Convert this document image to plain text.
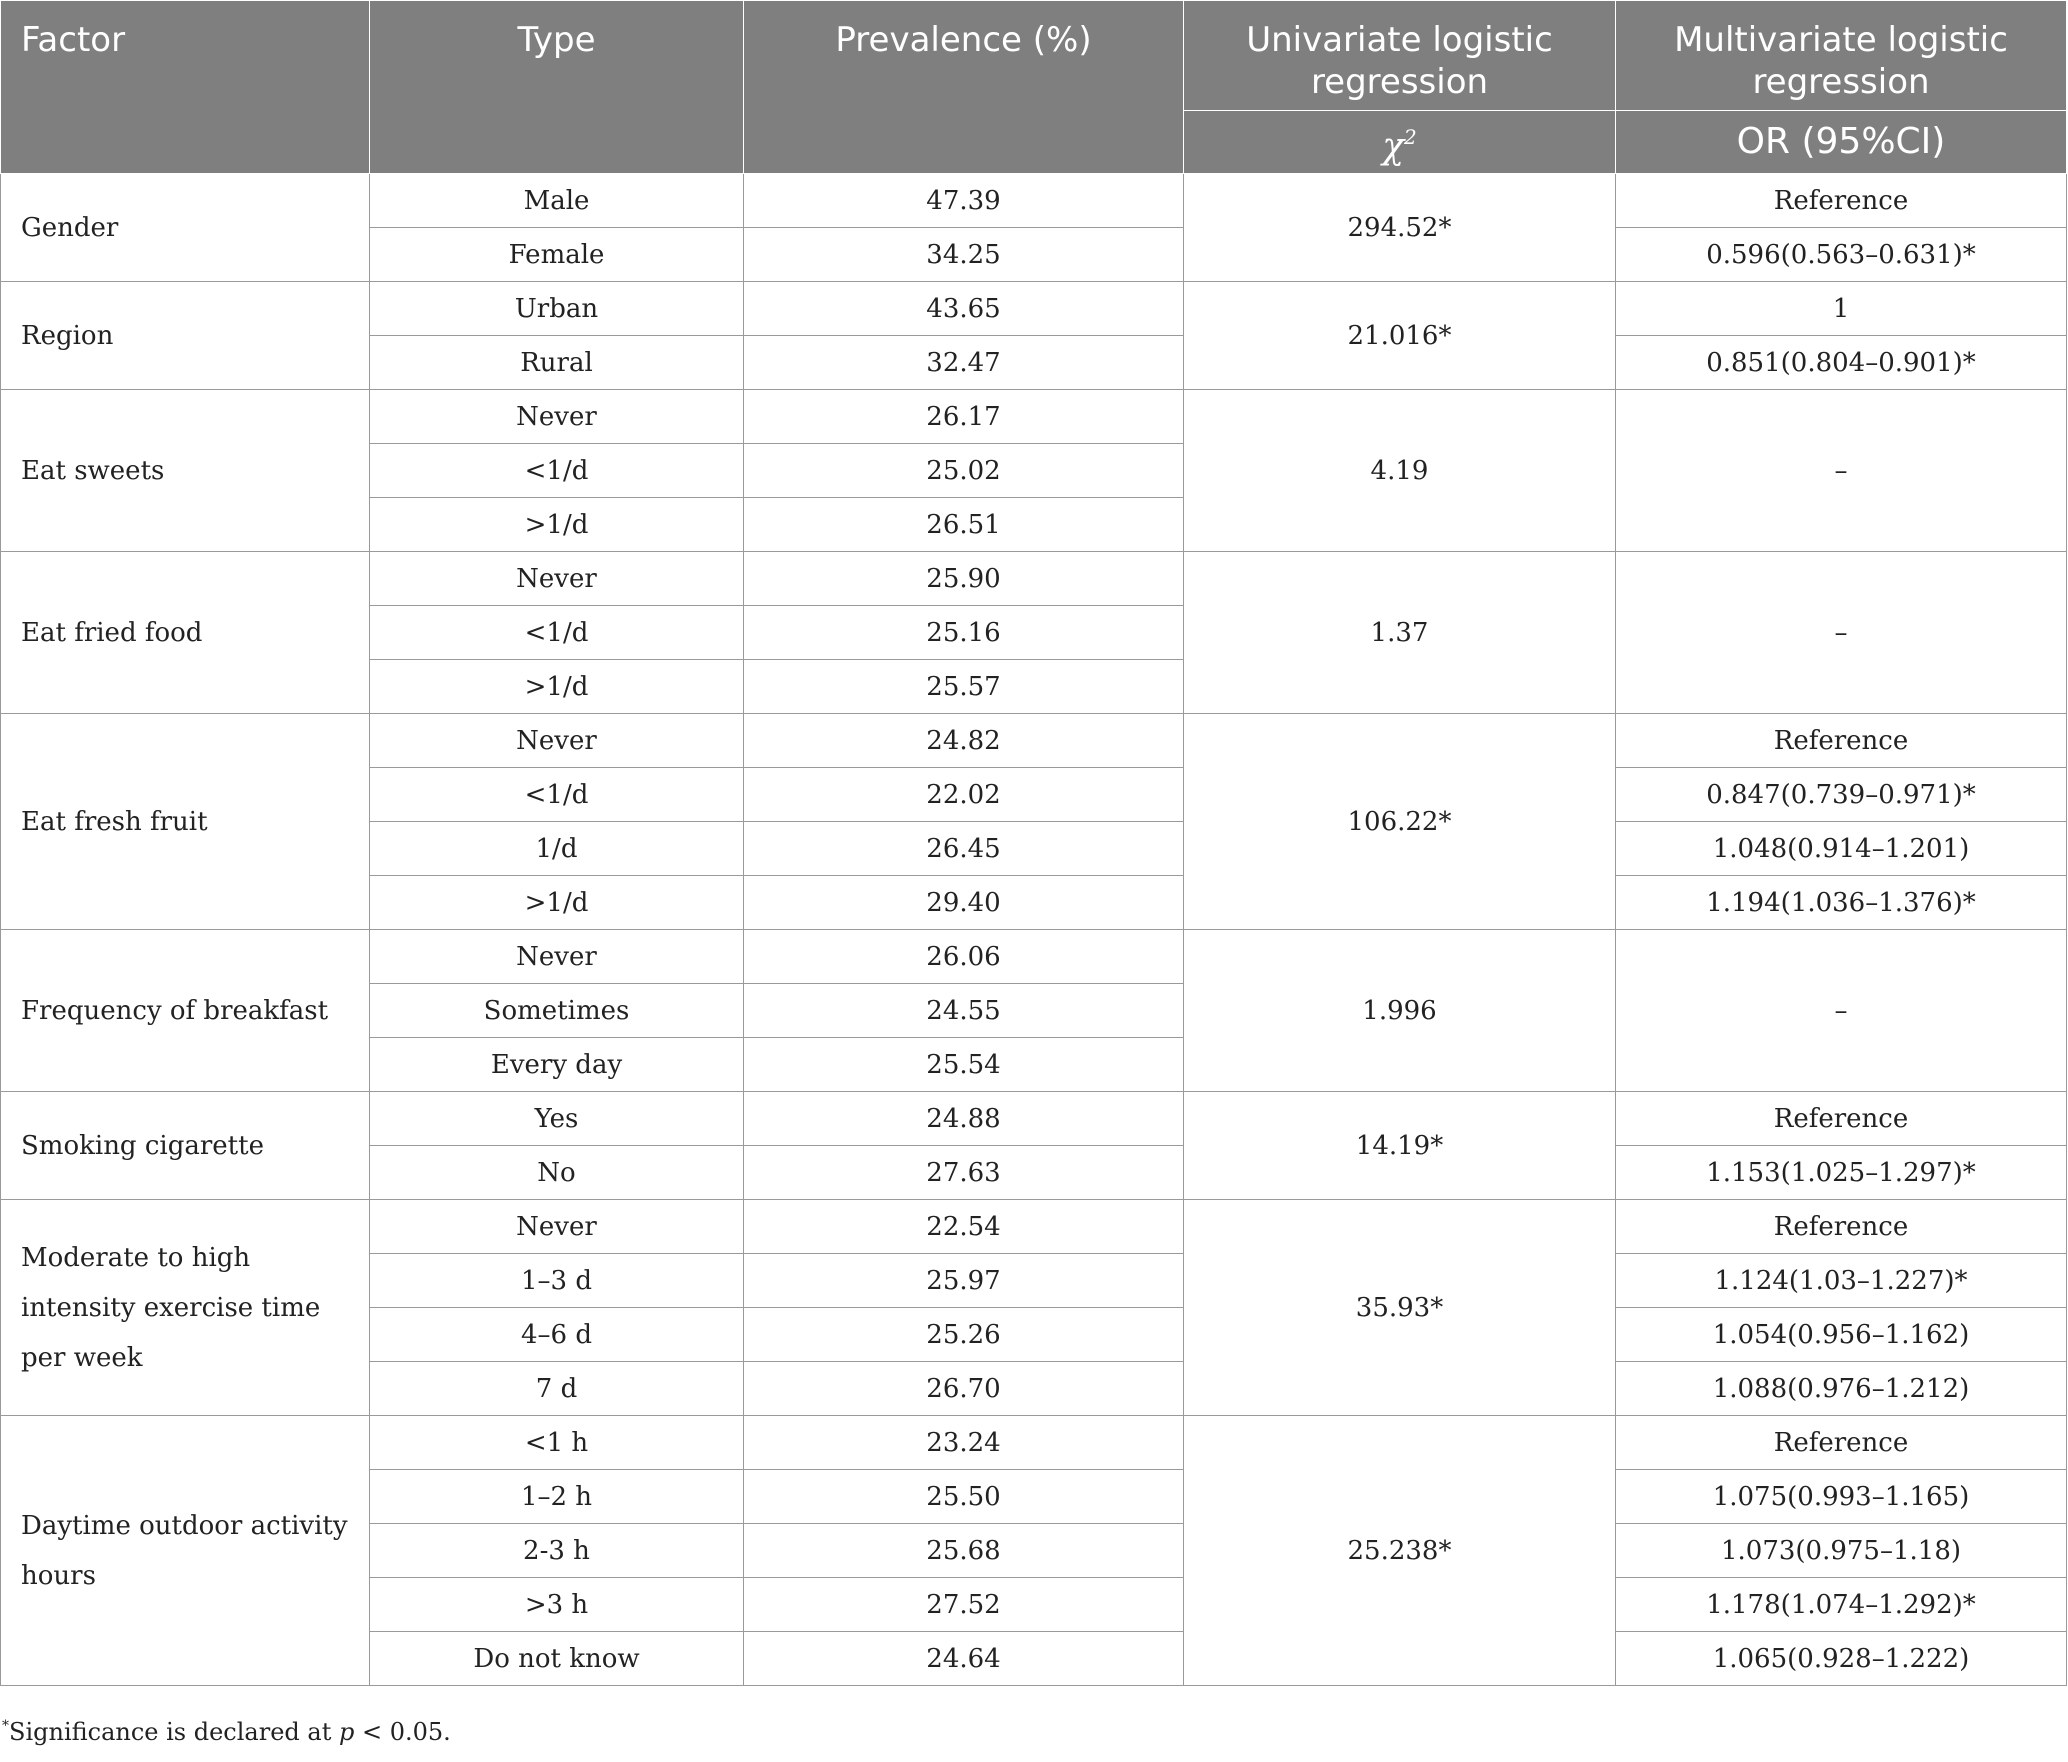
Factor	Type	Prevalence (%)	Univariate logistic regression	Multivariate logistic regression
			$\chi^2$	OR (95%CI)
Gender	Male	47.39	294.52*	Reference
	Female	34.25		0.596(0.563–0.631)*
Region	Urban	43.65	21.016*	1
	Rural	32.47		0.851(0.804–0.901)*
Eat sweets	Never	26.17	4.19	–
	<1/d	25.02		
	>1/d	26.51		
Eat fried food	Never	25.90	1.37	–
	<1/d	25.16		
	>1/d	25.57		
Eat fresh fruit	Never	24.82	106.22*	Reference
	<1/d	22.02		0.847(0.739–0.971)*
	1/d	26.45		1.048(0.914–1.201)
	>1/d	29.40		1.194(1.036–1.376)*
Frequency of breakfast	Never	26.06	1.996	–
	Sometimes	24.55		
	Every day	25.54		
Smoking cigarette	Yes	24.88	14.19*	Reference
	No	27.63		1.153(1.025–1.297)*
Moderate to high intensity exercise time per week	Never	22.54	35.93*	Reference
	1–3 d	25.97		1.124(1.03–1.227)*
	4–6 d	25.26		1.054(0.956–1.162)
	7 d	26.70		1.088(0.976–1.212)
Daytime outdoor activity hours	<1 h	23.24	25.238*	Reference
	1–2 h	25.50		1.075(0.993–1.165)
	2-3 h	25.68		1.073(0.975–1.18)
	>3 h	27.52		1.178(1.074–1.292)*
	Do not know	24.64		1.065(0.928–1.222)
*Significance is declared at p < 0.05.
